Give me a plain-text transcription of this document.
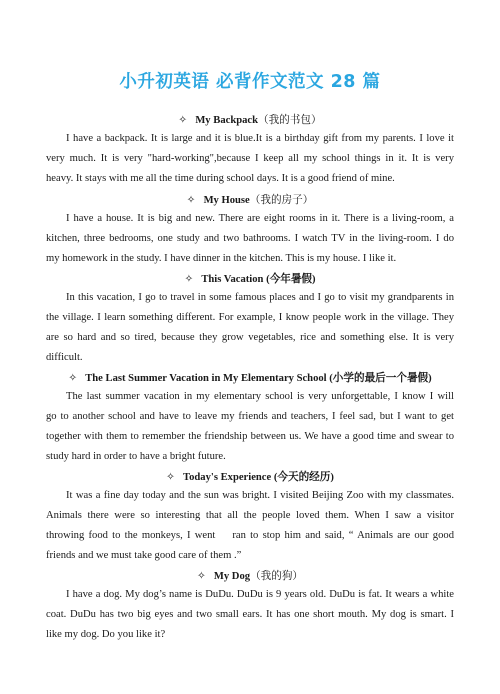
小升初英语 必背作文范文 28 篇
✧ My Backpack（我的书包）
I have a backpack. It is large and it is blue.It is a birthday gift from my parents. I love it
very much. It is very "hard-working",because I keep all my school things in it. It is very
heavy. It stays with me all the time during school days. It is a good friend of mine.
✧ My House（我的房子）
I have a house. It is big and new. There are eight rooms in it. There is a living-room, a
kitchen, three bedrooms, one study and two bathrooms. I watch TV in the living-room. I do
my homework in the study. I have dinner in the kitchen. This is my house. I like it.
✧ This Vacation (今年暑假)
In this vacation, I go to travel in some famous places and I go to visit my grandparents in
the village. I learn something different. For example, I know people work in the village. They
are so hard and so tired, because they grow vegetables, rice and something else. It is very
difficult.
✧ The Last Summer Vacation in My Elementary School (小学的最后一个暑假)
The last summer vacation in my elementary school is very unforgettable, I know I will
go to another school and have to leave my friends and teachers, I feel sad, but I want to get
together with them to remember the friendship between us. We have a good time and swear to
study hard in order to have a bright future.
✧ Today's Experience (今天的经历)
It was a fine day today and the sun was bright. I visited Beijing Zoo with my classmates.
Animals there were so interesting that all the people loved them. When I saw a visitor
throwing food to the monkeys, I went    ran to stop him and said, “ Animals are our good
friends and we must take good care of them .”
✧ My Dog（我的狗）
I have a dog. My dog’s name is DuDu. DuDu is 9 years old. DuDu is fat. It wears a white
coat. DuDu has two big eyes and two small ears. It has one short mouth. My dog is smart. I
like my dog. Do you like it?
